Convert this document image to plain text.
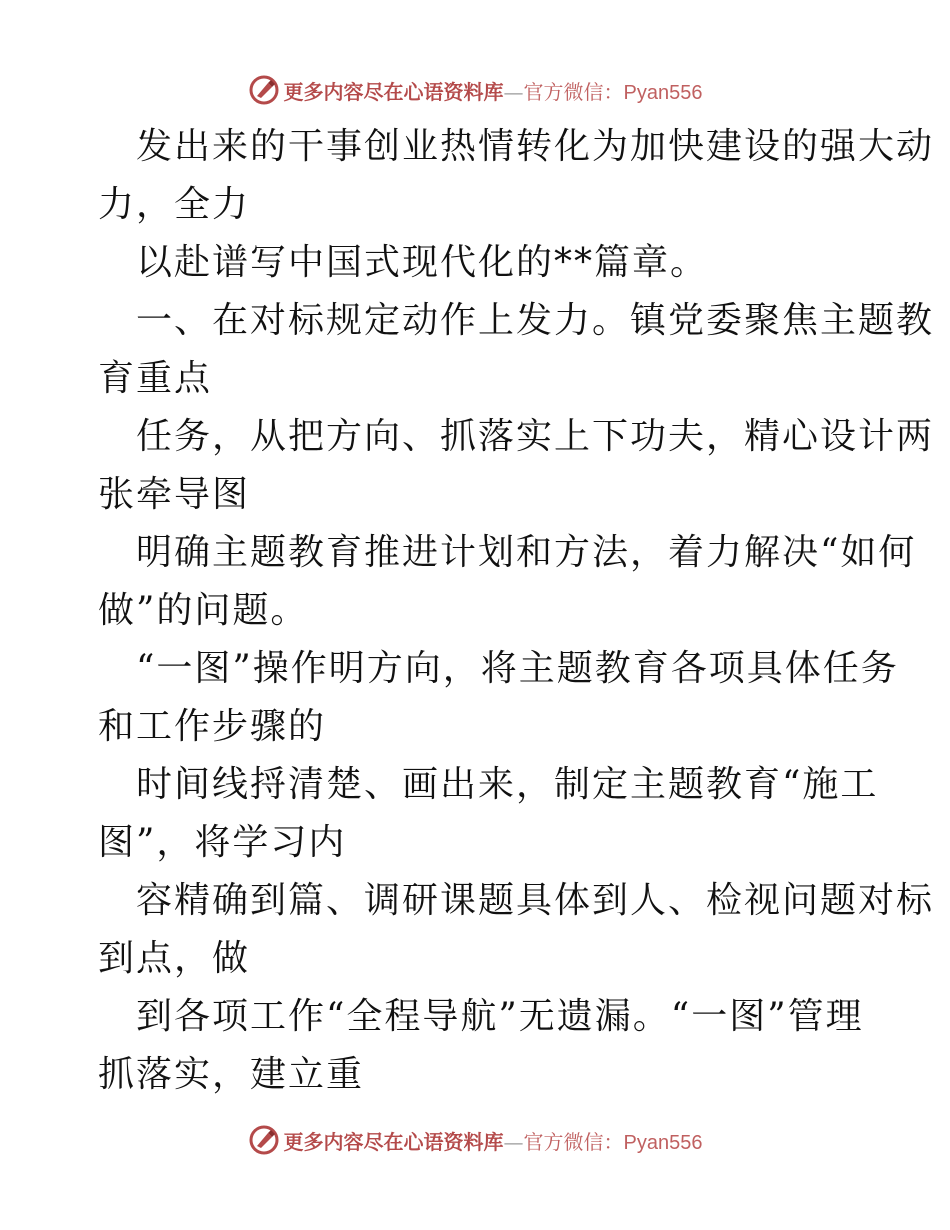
更多内容尽在心语资料库—官方微信：Pyan556
发出来的干事创业热情转化为加快建设的强大动
力，全力
以赴谱写中国式现代化的**篇章。
一、在对标规定动作上发力。镇党委聚焦主题教
育重点
任务，从把方向、抓落实上下功夫，精心设计两
张牵导图
明确主题教育推进计划和方法，着力解决“如何
做”的问题。
“一图”操作明方向，将主题教育各项具体任务
和工作步骤的
时间线捋清楚、画出来，制定主题教育“施工
图”，将学习内
容精确到篇、调研课题具体到人、检视问题对标
到点，做
到各项工作“全程导航”无遗漏。“一图”管理
抓落实，建立重
更多内容尽在心语资料库—官方微信：Pyan556
